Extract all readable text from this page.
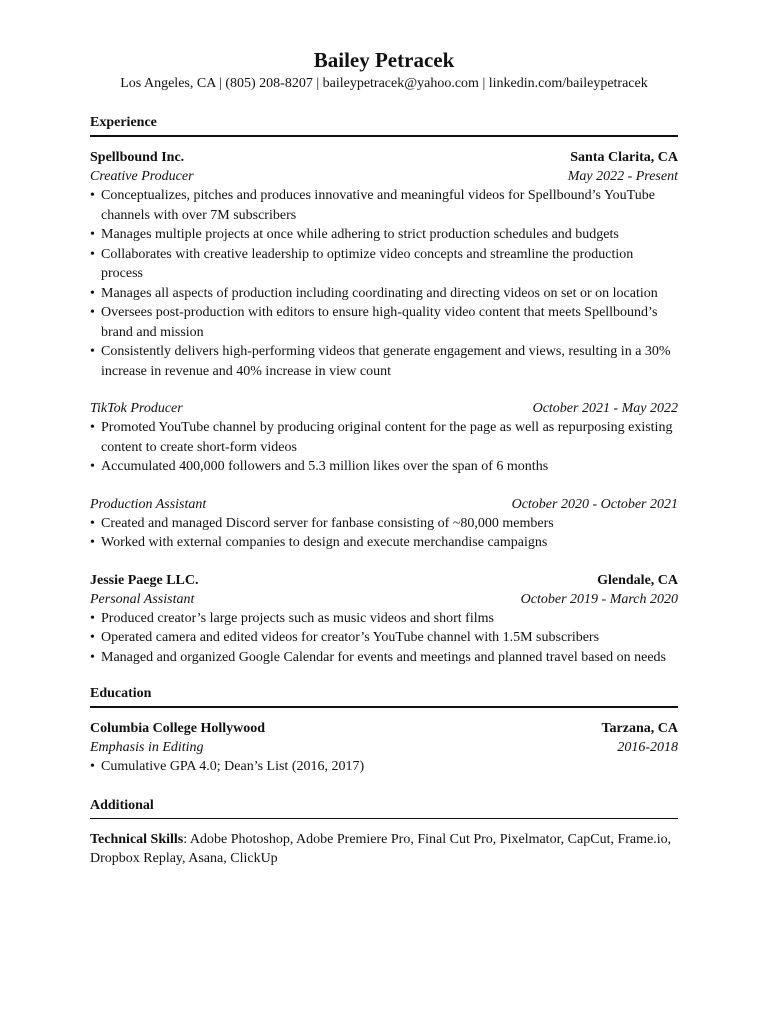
Bailey Petracek
Los Angeles, CA | (805) 208-8207 | baileypetracek@yahoo.com | linkedin.com/baileypetracek
Experience
Spellbound Inc.	Santa Clarita, CA
Creative Producer	May 2022 - Present
• Conceptualizes, pitches and produces innovative and meaningful videos for Spellbound’s YouTube channels with over 7M subscribers
• Manages multiple projects at once while adhering to strict production schedules and budgets
• Collaborates with creative leadership to optimize video concepts and streamline the production process
• Manages all aspects of production including coordinating and directing videos on set or on location
• Oversees post-production with editors to ensure high-quality video content that meets Spellbound’s brand and mission
• Consistently delivers high-performing videos that generate engagement and views, resulting in a 30% increase in revenue and 40% increase in view count
TikTok Producer	October 2021 - May 2022
• Promoted YouTube channel by producing original content for the page as well as repurposing existing content to create short-form videos
• Accumulated 400,000 followers and 5.3 million likes over the span of 6 months
Production Assistant	October 2020 - October 2021
• Created and managed Discord server for fanbase consisting of ~80,000 members
• Worked with external companies to design and execute merchandise campaigns
Jessie Paege LLC.	Glendale, CA
Personal Assistant	October 2019 - March 2020
• Produced creator’s large projects such as music videos and short films
• Operated camera and edited videos for creator’s YouTube channel with 1.5M subscribers
• Managed and organized Google Calendar for events and meetings and planned travel based on needs
Education
Columbia College Hollywood	Tarzana, CA
Emphasis in Editing	2016-2018
• Cumulative GPA 4.0; Dean’s List (2016, 2017)
Additional
Technical Skills: Adobe Photoshop, Adobe Premiere Pro, Final Cut Pro, Pixelmator, CapCut, Frame.io, Dropbox Replay, Asana, ClickUp
